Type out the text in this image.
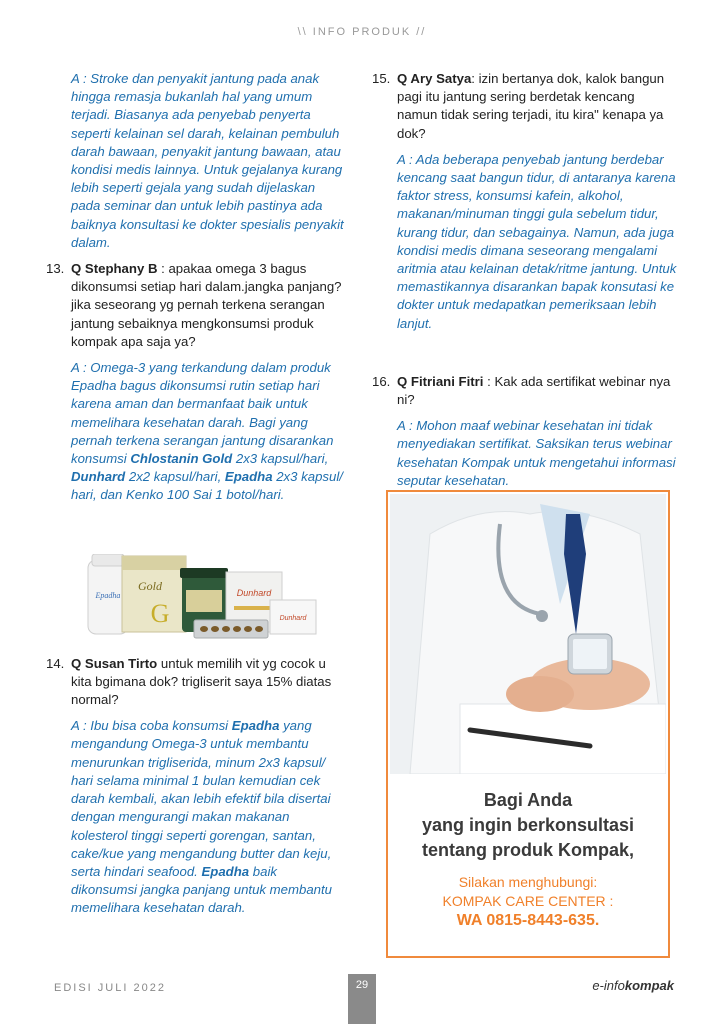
\\ INFO PRODUK //
A : Stroke dan penyakit jantung pada anak hingga remasja bukanlah hal yang umum terjadi. Biasanya ada penyebab penyerta seperti kelainan sel darah, kelainan pembuluh darah bawaan, penyakit jantung bawaan, atau kondisi medis lainnya. Untuk gejalanya kurang lebih seperti gejala yang sudah dijelaskan pada seminar dan untuk lebih pastinya ada baiknya konsultasi ke dokter spesialis penyakit dalam.
13. Q Stephany B : apakaa omega 3 bagus dikonsumsi setiap hari dalam.jangka panjang? jika seseorang yg pernah terkena serangan jantung sebaiknya mengkonsumsi produk kompak apa saja ya?
A : Omega-3 yang terkandung dalam produk Epadha bagus dikonsumsi rutin setiap hari karena aman dan bermanfaat baik untuk memelihara kesehatan darah. Bagi yang pernah terkena serangan jantung disarankan konsumsi Chlostanin Gold 2x3 kapsul/hari, Dunhard 2x2 kapsul/hari, Epadha 2x3 kapsul/ hari, dan Kenko 100 Sai 1 botol/hari.
14. Q Susan Tirto untuk memilih vit yg cocok u kita bgimana dok? trigliserit saya 15% diatas normal?
A : Ibu bisa coba konsumsi Epadha yang mengandung Omega-3 untuk membantu menurunkan trigliserida, minum 2x3 kapsul/ hari selama minimal 1 bulan kemudian cek darah kembali, akan lebih efektif bila disertai dengan mengurangi makan makanan kolesterol tinggi seperti gorengan, santan, cake/kue yang mengandung butter dan keju, serta hindari seafood. Epadha baik dikonsumsi jangka panjang untuk membantu memelihara kesehatan darah.
Epadha
Gold
G
Dunhard
Dunhard
15. Q Ary Satya: izin bertanya dok, kalok bangun pagi itu jantung sering berdetak kencang namun tidak sering terjadi, itu kira" kenapa ya dok?
A : Ada beberapa penyebab jantung berdebar kencang saat bangun tidur, di antaranya karena faktor stress, konsumsi kafein, alkohol, makanan/minuman tinggi gula sebelum tidur, kurang tidur, dan sebagainya. Namun, ada juga kondisi medis dimana seseorang mengalami aritmia atau kelainan detak/ritme jantung. Untuk memastikannya disarankan bapak konsutasi ke dokter untuk medapatkan pemeriksaan lebih lanjut.
16. Q Fitriani Fitri : Kak ada sertifikat webinar nya ni?
A : Mohon maaf webinar kesehatan ini tidak menyediakan sertifikat. Saksikan terus webinar kesehatan Kompak untuk mengetahui informasi seputar kesehatan.
Bagi Anda
yang ingin berkonsultasi
tentang produk Kompak,
Silakan menghubungi:
KOMPAK CARE CENTER :
WA 0815-8443-635.
EDISI JULI 2022	29	e-infokompak
